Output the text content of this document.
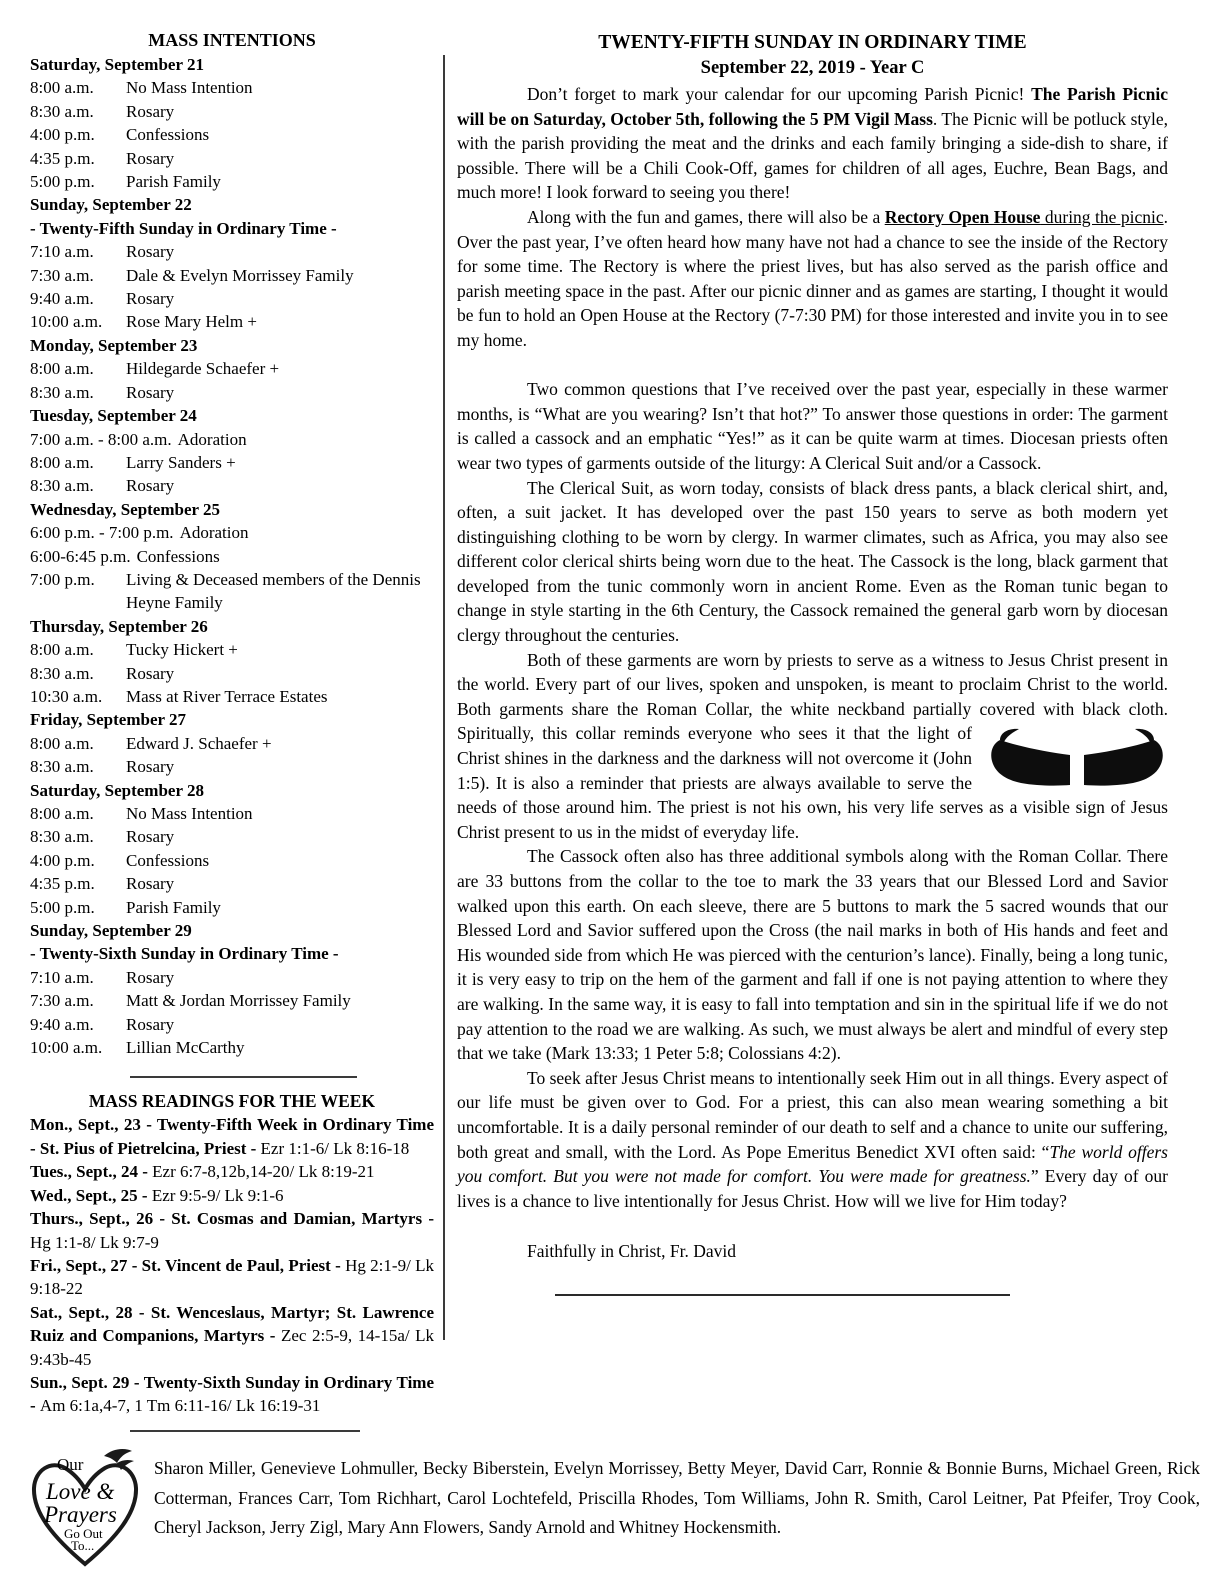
MASS INTENTIONS
Saturday, September 21
8:00 a.m.	No Mass Intention
8:30 a.m.	Rosary
4:00 p.m.	Confessions
4:35 p.m.	Rosary
5:00 p.m.	Parish Family
Sunday, September 22
- Twenty-Fifth Sunday in Ordinary Time -
7:10 a.m.	Rosary
7:30 a.m.	Dale & Evelyn Morrissey Family
9:40 a.m.	Rosary
10:00 a.m.	Rose Mary Helm +
Monday, September 23
8:00 a.m.	Hildegarde Schaefer +
8:30 a.m.	Rosary
Tuesday, September 24
7:00 a.m. - 8:00 a.m. Adoration
8:00 a.m.	Larry Sanders +
8:30 a.m.	Rosary
Wednesday, September 25
6:00 p.m. - 7:00 p.m. Adoration
6:00-6:45 p.m. Confessions
7:00 p.m.	Living & Deceased members of the Dennis Heyne Family
Thursday, September 26
8:00 a.m.	Tucky Hickert +
8:30 a.m.	Rosary
10:30 a.m.	Mass at River Terrace Estates
Friday, September 27
8:00 a.m.	Edward J. Schaefer +
8:30 a.m.	Rosary
Saturday, September 28
8:00 a.m.	No Mass Intention
8:30 a.m.	Rosary
4:00 p.m.	Confessions
4:35 p.m.	Rosary
5:00 p.m.	Parish Family
Sunday, September 29
- Twenty-Sixth Sunday in Ordinary Time -
7:10 a.m.	Rosary
7:30 a.m.	Matt & Jordan Morrissey Family
9:40 a.m.	Rosary
10:00 a.m.	Lillian McCarthy
MASS READINGS FOR THE WEEK

Mon., Sept., 23 - Twenty-Fifth Week in Ordinary Time - St. Pius of Pietrelcina, Priest - Ezr 1:1-6/ Lk 8:16-18

Tues., Sept., 24 - Ezr 6:7-8,12b,14-20/ Lk 8:19-21

Wed., Sept., 25 - Ezr 9:5-9/ Lk 9:1-6

Thurs., Sept., 26 - St. Cosmas and Damian, Martyrs - Hg 1:1-8/ Lk 9:7-9

Fri., Sept., 27 - St. Vincent de Paul, Priest - Hg 2:1-9/ Lk 9:18-22

Sat., Sept., 28 - St. Wenceslaus, Martyr; St. Lawrence Ruiz and Companions, Martyrs - Zec 2:5-9, 14-15a/ Lk 9:43b-45

Sun., Sept. 29 - Twenty-Sixth Sunday in Ordinary Time - Am 6:1a,4-7, 1 Tm 6:11-16/ Lk 16:19-31

TWENTY-FIFTH SUNDAY IN ORDINARY TIME
September 22, 2019 - Year C

Don’t forget to mark your calendar for our upcoming Parish Picnic! The Parish Picnic will be on Saturday, October 5th, following the 5 PM Vigil Mass. The Picnic will be potluck style, with the parish providing the meat and the drinks and each family bringing a side-dish to share, if possible. There will be a Chili Cook-Off, games for children of all ages, Euchre, Bean Bags, and much more! I look forward to seeing you there!

Along with the fun and games, there will also be a Rectory Open House during the picnic. Over the past year, I’ve often heard how many have not had a chance to see the inside of the Rectory for some time. The Rectory is where the priest lives, but has also served as the parish office and parish meeting space in the past. After our picnic dinner and as games are starting, I thought it would be fun to hold an Open House at the Rectory (7-7:30 PM) for those interested and invite you in to see my home.

Two common questions that I’ve received over the past year, especially in these warmer months, is “What are you wearing? Isn’t that hot?” To answer those questions in order: The garment is called a cassock and an emphatic “Yes!” as it can be quite warm at times. Diocesan priests often wear two types of garments outside of the liturgy: A Clerical Suit and/or a Cassock.

The Clerical Suit, as worn today, consists of black dress pants, a black clerical shirt, and, often, a suit jacket. It has developed over the past 150 years to serve as both modern yet distinguishing clothing to be worn by clergy. In warmer climates, such as Africa, you may also see different color clerical shirts being worn due to the heat. The Cassock is the long, black garment that developed from the tunic commonly worn in ancient Rome. Even as the Roman tunic began to change in style starting in the 6th Century, the Cassock remained the general garb worn by diocesan clergy throughout the centuries.

Both of these garments are worn by priests to serve as a witness to Jesus Christ present in the world. Every part of our lives, spoken and unspoken, is meant to proclaim Christ to the world. Both garments share the Roman Collar, the white neckband partially covered with black cloth.
Spiritually, this collar reminds everyone who sees it that the light of Christ shines in the darkness and the darkness will not overcome it (John 1:5). It is also a reminder that priests are always available to serve the needs of those around him. The priest is not his own, his very life serves as a visible sign of Jesus Christ present to us in the midst of everyday life.

The Cassock often also has three additional symbols along with the Roman Collar. There are 33 buttons from the collar to the toe to mark the 33 years that our Blessed Lord and Savior walked upon this earth. On each sleeve, there are 5 buttons to mark the 5 sacred wounds that our Blessed Lord and Savior suffered upon the Cross (the nail marks in both of His hands and feet and His wounded side from which He was pierced with the centurion’s lance). Finally, being a long tunic, it is very easy to trip on the hem of the garment and fall if one is not paying attention to where they are walking. In the same way, it is easy to fall into temptation and sin in the spiritual life if we do not pay attention to the road we are walking. As such, we must always be alert and mindful of every step that we take (Mark 13:33; 1 Peter 5:8; Colossians 4:2).

To seek after Jesus Christ means to intentionally seek Him out in all things. Every aspect of our life must be given over to God. For a priest, this can also mean wearing something a bit uncomfortable. It is a daily personal reminder of our death to self and a chance to unite our suffering, both great and small, with the Lord. As Pope Emeritus Benedict XVI often said: “The world offers you comfort. But you were not made for comfort. You were made for greatness.” Every day of our lives is a chance to live intentionally for Jesus Christ. How will we live for Him today?

Faithfully in Christ, Fr. David

Our
Love &
Prayers
Go Out
To...
Sharon Miller, Genevieve Lohmuller, Becky Biberstein, Evelyn Morrissey, Betty Meyer, David Carr, Ronnie & Bonnie Burns, Michael Green, Rick Cotterman, Frances Carr, Tom Richhart, Carol Lochtefeld, Priscilla Rhodes, Tom Williams, John R. Smith, Carol Leitner, Pat Pfeifer, Troy Cook, Cheryl Jackson, Jerry Zigl, Mary Ann Flowers, Sandy Arnold and Whitney Hockensmith.
